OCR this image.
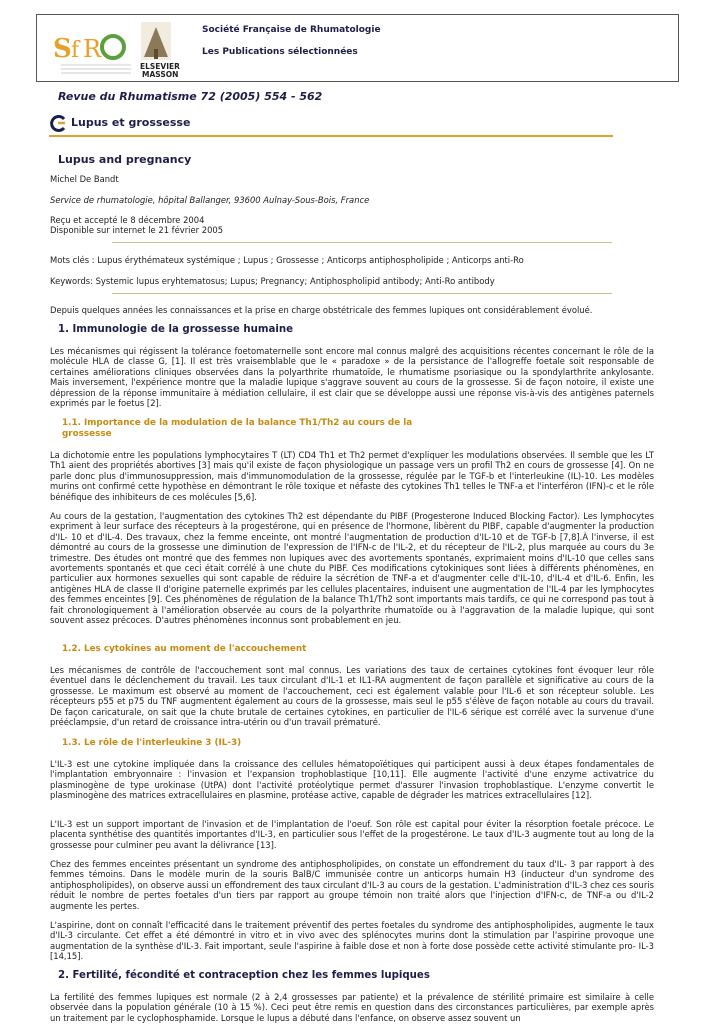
S f R
ELSEVIER
MASSON
Société Française de Rhumatologie
Les Publications sélectionnées
Revue du Rhumatisme 72 (2005) 554 - 562
Lupus et grossesse
Lupus and pregnancy
Michel De Bandt
Service de rhumatologie, hôpital Ballanger, 93600 Aulnay-Sous-Bois, France
Reçu et accepté le 8 décembre 2004
Disponible sur internet le 21 février 2005
Mots clés : Lupus érythémateux systémique ; Lupus ; Grossesse ; Anticorps antiphospholipide ; Anticorps anti-Ro
Keywords: Systemic lupus eryhtematosus; Lupus; Pregnancy; Antiphospholipid antibody; Anti-Ro antibody
Depuis quelques années les connaissances et la prise en charge obstétricale des femmes lupiques ont considérablement évolué.
1. Immunologie de la grossesse humaine
Les mécanismes qui régissent la tolérance foetomaternelle sont encore mal connus malgré des acquisitions récentes concernant le rôle de la molécule HLA de classe G, [1]. Il est très vraisemblable que le « paradoxe » de la persistance de l'allogreffe foetale soit responsable de certaines améliorations cliniques observées dans la polyarthrite rhumatoïde, le rhumatisme psoriasique ou la spondylarthrite ankylosante. Mais inversement, l'expérience montre que la maladie lupique s'aggrave souvent au cours de la grossesse. Si de façon notoire, il existe une dépression de la réponse immunitaire à médiation cellulaire, il est clair que se développe aussi une réponse vis-à-vis des antigènes paternels exprimés par le foetus [2].
1.1. Importance de la modulation de la balance Th1/Th2 au cours de la grossesse
La dichotomie entre les populations lymphocytaires T (LT) CD4 Th1 et Th2 permet d'expliquer les modulations observées. Il semble que les LT Th1 aient des propriétés abortives [3] mais qu'il existe de façon physiologique un passage vers un profil Th2 en cours de grossesse [4]. On ne parle donc plus d'immunosuppression, mais d'immunomodulation de la grossesse, régulée par le TGF-b et l'interleukine (IL)-10. Les modèles murins ont confirmé cette hypothèse en démontrant le rôle toxique et néfaste des cytokines Th1 telles le TNF-a et l'interféron (IFN)-c et le rôle bénéfique des inhibiteurs de ces molécules [5,6].
Au cours de la gestation, l'augmentation des cytokines Th2 est dépendante du PIBF (Progesterone Induced Blocking Factor). Les lymphocytes expriment à leur surface des récepteurs à la progestérone, qui en présence de l'hormone, libèrent du PIBF, capable d'augmenter la production d'IL- 10 et d'IL-4. Des travaux, chez la femme enceinte, ont montré l'augmentation de production d'IL-10 et de TGF-b [7,8].À l'inverse, il est démontré au cours de la grossesse une diminution de l'expression de l'IFN-c de l'IL-2, et du récepteur de l'IL-2, plus marquée au cours du 3e trimestre. Des études ont montré que des femmes non lupiques avec des avortements spontanés, exprimaient moins d'IL-10 que celles sans avortements spontanés et que ceci était corrélé à une chute du PIBF. Ces modifications cytokiniques sont liées à différents phénomènes, en particulier aux hormones sexuelles qui sont capable de réduire la sécrétion de TNF-a et d'augmenter celle d'IL-10, d'IL-4 et d'IL-6. Enfin, les antigènes HLA de classe II d'origine paternelle exprimés par les cellules placentaires, induisent une augmentation de l'IL-4 par les lymphocytes des femmes enceintes [9]. Ces phénomènes de régulation de la balance Th1/Th2 sont importants mais tardifs, ce qui ne correspond pas tout à fait chronologiquement à l'amélioration observée au cours de la polyarthrite rhumatoïde ou à l'aggravation de la maladie lupique, qui sont souvent assez précoces. D'autres phénomènes inconnus sont probablement en jeu.
1.2. Les cytokines au moment de l'accouchement
Les mécanismes de contrôle de l'accouchement sont mal connus. Les variations des taux de certaines cytokines font évoquer leur rôle éventuel dans le déclenchement du travail. Les taux circulant d'IL-1 et IL1-RA augmentent de façon parallèle et significative au cours de la grossesse. Le maximum est observé au moment de l'accouchement, ceci est également valable pour l'IL-6 et son récepteur soluble. Les récepteurs p55 et p75 du TNF augmentent également au cours de la grossesse, mais seul le p55 s'élève de façon notable au cours du travail. De façon caricaturale, on sait que la chute brutale de certaines cytokines, en particulier de l'IL-6 sérique est corrélé avec la survenue d'une prééclampsie, d'un retard de croissance intra-utérin ou d'un travail prématuré.
1.3. Le rôle de l'interleukine 3 (IL-3)
L'IL-3 est une cytokine impliquée dans la croissance des cellules hématopoïétiques qui participent aussi à deux étapes fondamentales de l'implantation embryonnaire : l'invasion et l'expansion trophoblastique [10,11]. Elle augmente l'activité d'une enzyme activatrice du plasminogène de type urokinase (UtPA) dont l'activité protéolytique permet d'assurer l'invasion trophoblastique. L'enzyme convertit le plasminogène des matrices extracellulaires en plasmine, protéase active, capable de dégrader les matrices extracellulaires [12].
L'IL-3 est un support important de l'invasion et de l'implantation de l'oeuf. Son rôle est capital pour éviter la résorption foetale précoce. Le placenta synthétise des quantités importantes d'IL-3, en particulier sous l'effet de la progestérone. Le taux d'IL-3 augmente tout au long de la grossesse pour culminer peu avant la délivrance [13].
Chez des femmes enceintes présentant un syndrome des antiphospholipides, on constate un effondrement du taux d'IL- 3 par rapport à des femmes témoins. Dans le modèle murin de la souris BalB/C immunisée contre un anticorps humain H3 (inducteur d'un syndrome des antiphospholipides), on observe aussi un effondrement des taux circulant d'IL-3 au cours de la gestation. L'administration d'IL-3 chez ces souris réduit le nombre de pertes foetales d'un tiers par rapport au groupe témoin non traité alors que l'injection d'IFN-c, de TNF-a ou d'IL-2 augmente les pertes.
L'aspirine, dont on connaît l'efficacité dans le traitement préventif des pertes foetales du syndrome des antiphospholipides, augmente le taux d'IL-3 circulante. Cet effet a été démontré in vitro et in vivo avec des splénocytes murins dont la stimulation par l'aspirine provoque une augmentation de la synthèse d'IL-3. Fait important, seule l'aspirine à faible dose et non à forte dose possède cette activité stimulante pro- IL-3 [14,15].
2. Fertilité, fécondité et contraception chez les femmes lupiques
La fertilité des femmes lupiques est normale (2 à 2,4 grossesses par patiente) et la prévalence de stérilité primaire est similaire à celle observée dans la population générale (10 à 15 %). Ceci peut être remis en question dans des circonstances particulières, par exemple après un traitement par le cyclophosphamide. Lorsque le lupus a débuté dans l'enfance, on observe assez souvent un
